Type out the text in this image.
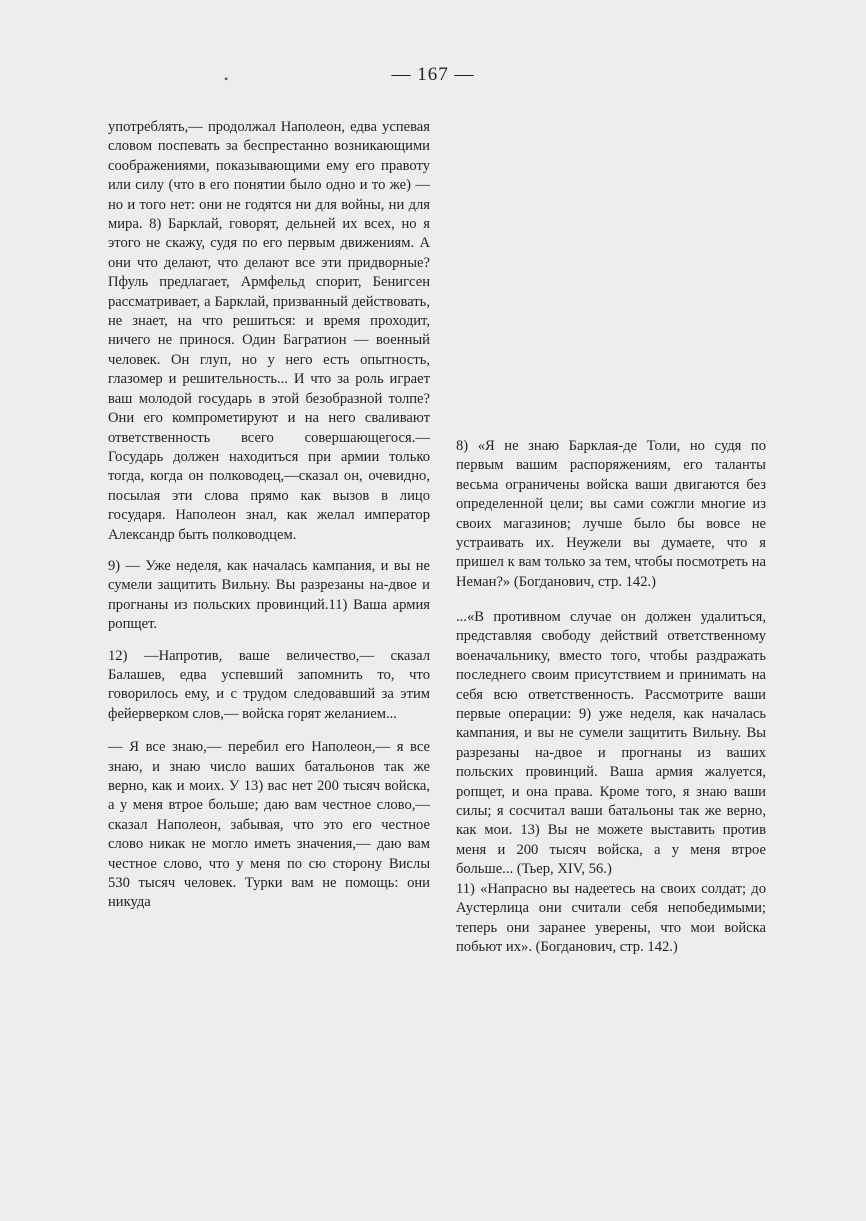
•	— 167 —

употреблять,— продолжал Наполеон, едва успевая словом поспевать за беспрестанно возникающими соображениями, показывающими ему его правоту или силу (что в его понятии было одно и то же) — но и того нет: они не годятся ни для войны, ни для мира. 8) Барклай, говорят, дельней их всех, но я этого не скажу, судя по его первым движениям. А они что делают, что делают все эти придворные? Пфуль предлагает, Армфельд спорит, Бенигсен рассматривает, а Барклай, призванный действовать, не знает, на что решиться: и время проходит, ничего не принося. Один Багратион — военный человек. Он глуп, но у него есть опытность, глазомер и решительность... И что за роль играет ваш молодой государь в этой безобразной толпе? Они его компрометируют и на него сваливают ответственность всего совершающегося.—Государь должен находиться при армии только тогда, когда он полководец,—сказал он, очевидно, посылая эти слова прямо как вызов в лицо государя. Наполеон знал, как желал император Александр быть полководцем.

9) — Уже неделя, как началась кампания, и вы не сумели защитить Вильну. Вы разрезаны на-двое и прогнаны из польских провинций.11) Ваша армия ропщет.

12) —Напротив, ваше величество,— сказал Балашев, едва успевший запомнить то, что говорилось ему, и с трудом следовавший за этим фейерверком слов,— войска горят желанием...

— Я все знаю,— перебил его Наполеон,— я все знаю, и знаю число ваших батальонов так же верно, как и моих. У 13) вас нет 200 тысяч войска, а у меня втрое больше; даю вам честное слово,— сказал Наполеон, забывая, что это его честное слово никак не могло иметь значения,— даю вам честное слово, что у меня по сю сторону Вислы 530 тысяч человек. Турки вам не помощь: они никуда

8) «Я не знаю Барклая-де Толи, но судя по первым вашим распоряжениям, его таланты весьма ограничены войска ваши двигаются без определенной цели; вы сами сожгли многие из своих магазинов; лучше было бы вовсе не устраивать их. Неужели вы думаете, что я пришел к вам только за тем, чтобы посмотреть на Неман?» (Богданович, стр. 142.)

...«В противном случае он должен удалиться, представляя свободу действий ответственному военачальнику, вместо того, чтобы раздражать последнего своим присутствием и принимать на себя всю ответственность. Рассмотрите ваши первые операции: 9) уже неделя, как началась кампания, и вы не сумели защитить Вильну. Вы разрезаны на-двое и прогнаны из ваших польских провинций. Ваша армия жалуется, ропщет, и она права. Кроме того, я знаю ваши силы; я сосчитал ваши батальоны так же верно, как мои. 13) Вы не можете выставить против меня и 200 тысяч войска, а у меня втрое больше... (Тьер, XIV, 56.)

11) «Напрасно вы надеетесь на своих солдат; до Аустерлица они считали себя непобедимыми; теперь они заранее уверены, что мои войска побьют их». (Богданович, стр. 142.)
